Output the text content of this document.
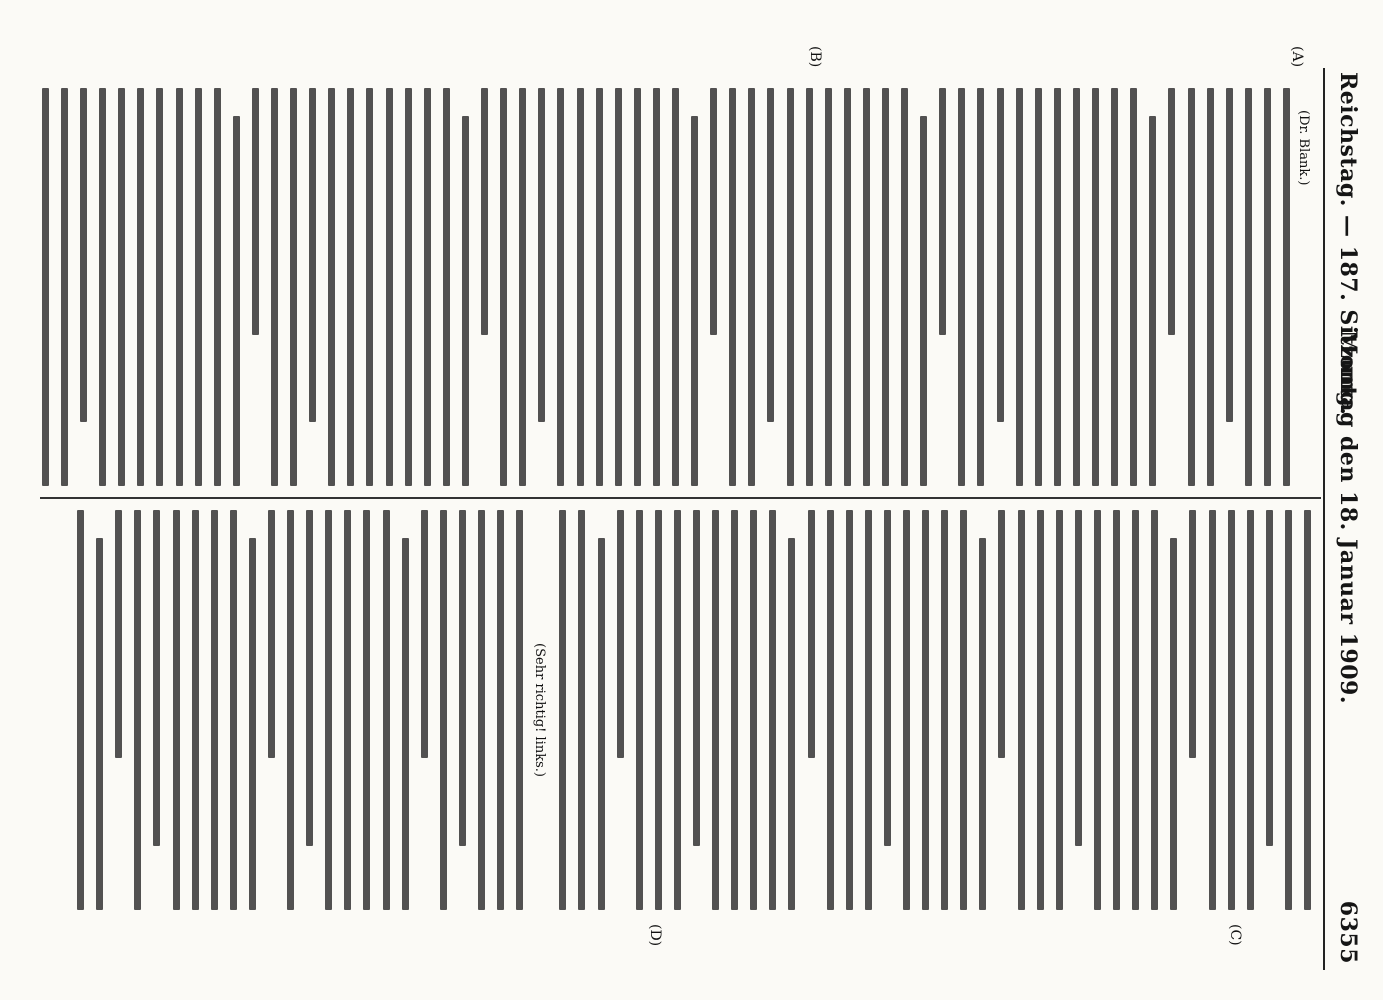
Reichstag. — 187. Sitzung.
Montag den 18. Januar 1909.
6355
(A)
(B)
(C)
(D)
(Dr. Blank.)
(Sehr richtig! links.)
